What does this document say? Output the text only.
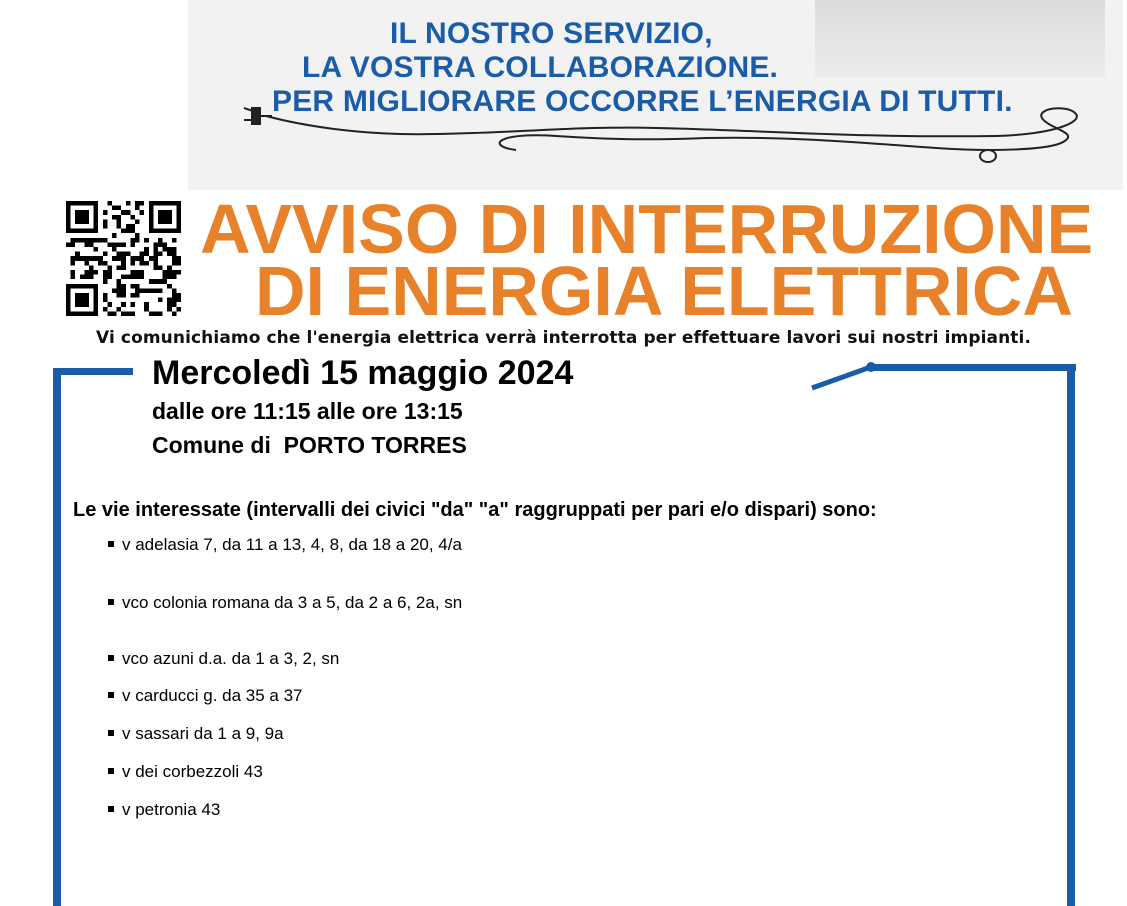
IL NOSTRO SERVIZIO,
LA VOSTRA COLLABORAZIONE.
PER MIGLIORARE OCCORRE L’ENERGIA DI TUTTI.
AVVISO DI INTERRUZIONE
DI ENERGIA ELETTRICA
Vi comunichiamo che l'energia elettrica verrà interrotta per effettuare lavori sui nostri impianti.
Mercoledì 15 maggio 2024
dalle ore 11:15 alle ore 13:15
Comune di  PORTO TORRES
Le vie interessate (intervalli dei civici "da" "a" raggruppati per pari e/o dispari) sono:
v adelasia 7, da 11 a 13, 4, 8, da 18 a 20, 4/a
vco colonia romana da 3 a 5, da 2 a 6, 2a, sn
vco azuni d.a. da 1 a 3, 2, sn
v carducci g. da 35 a 37
v sassari da 1 a 9, 9a
v dei corbezzoli 43
v petronia 43
